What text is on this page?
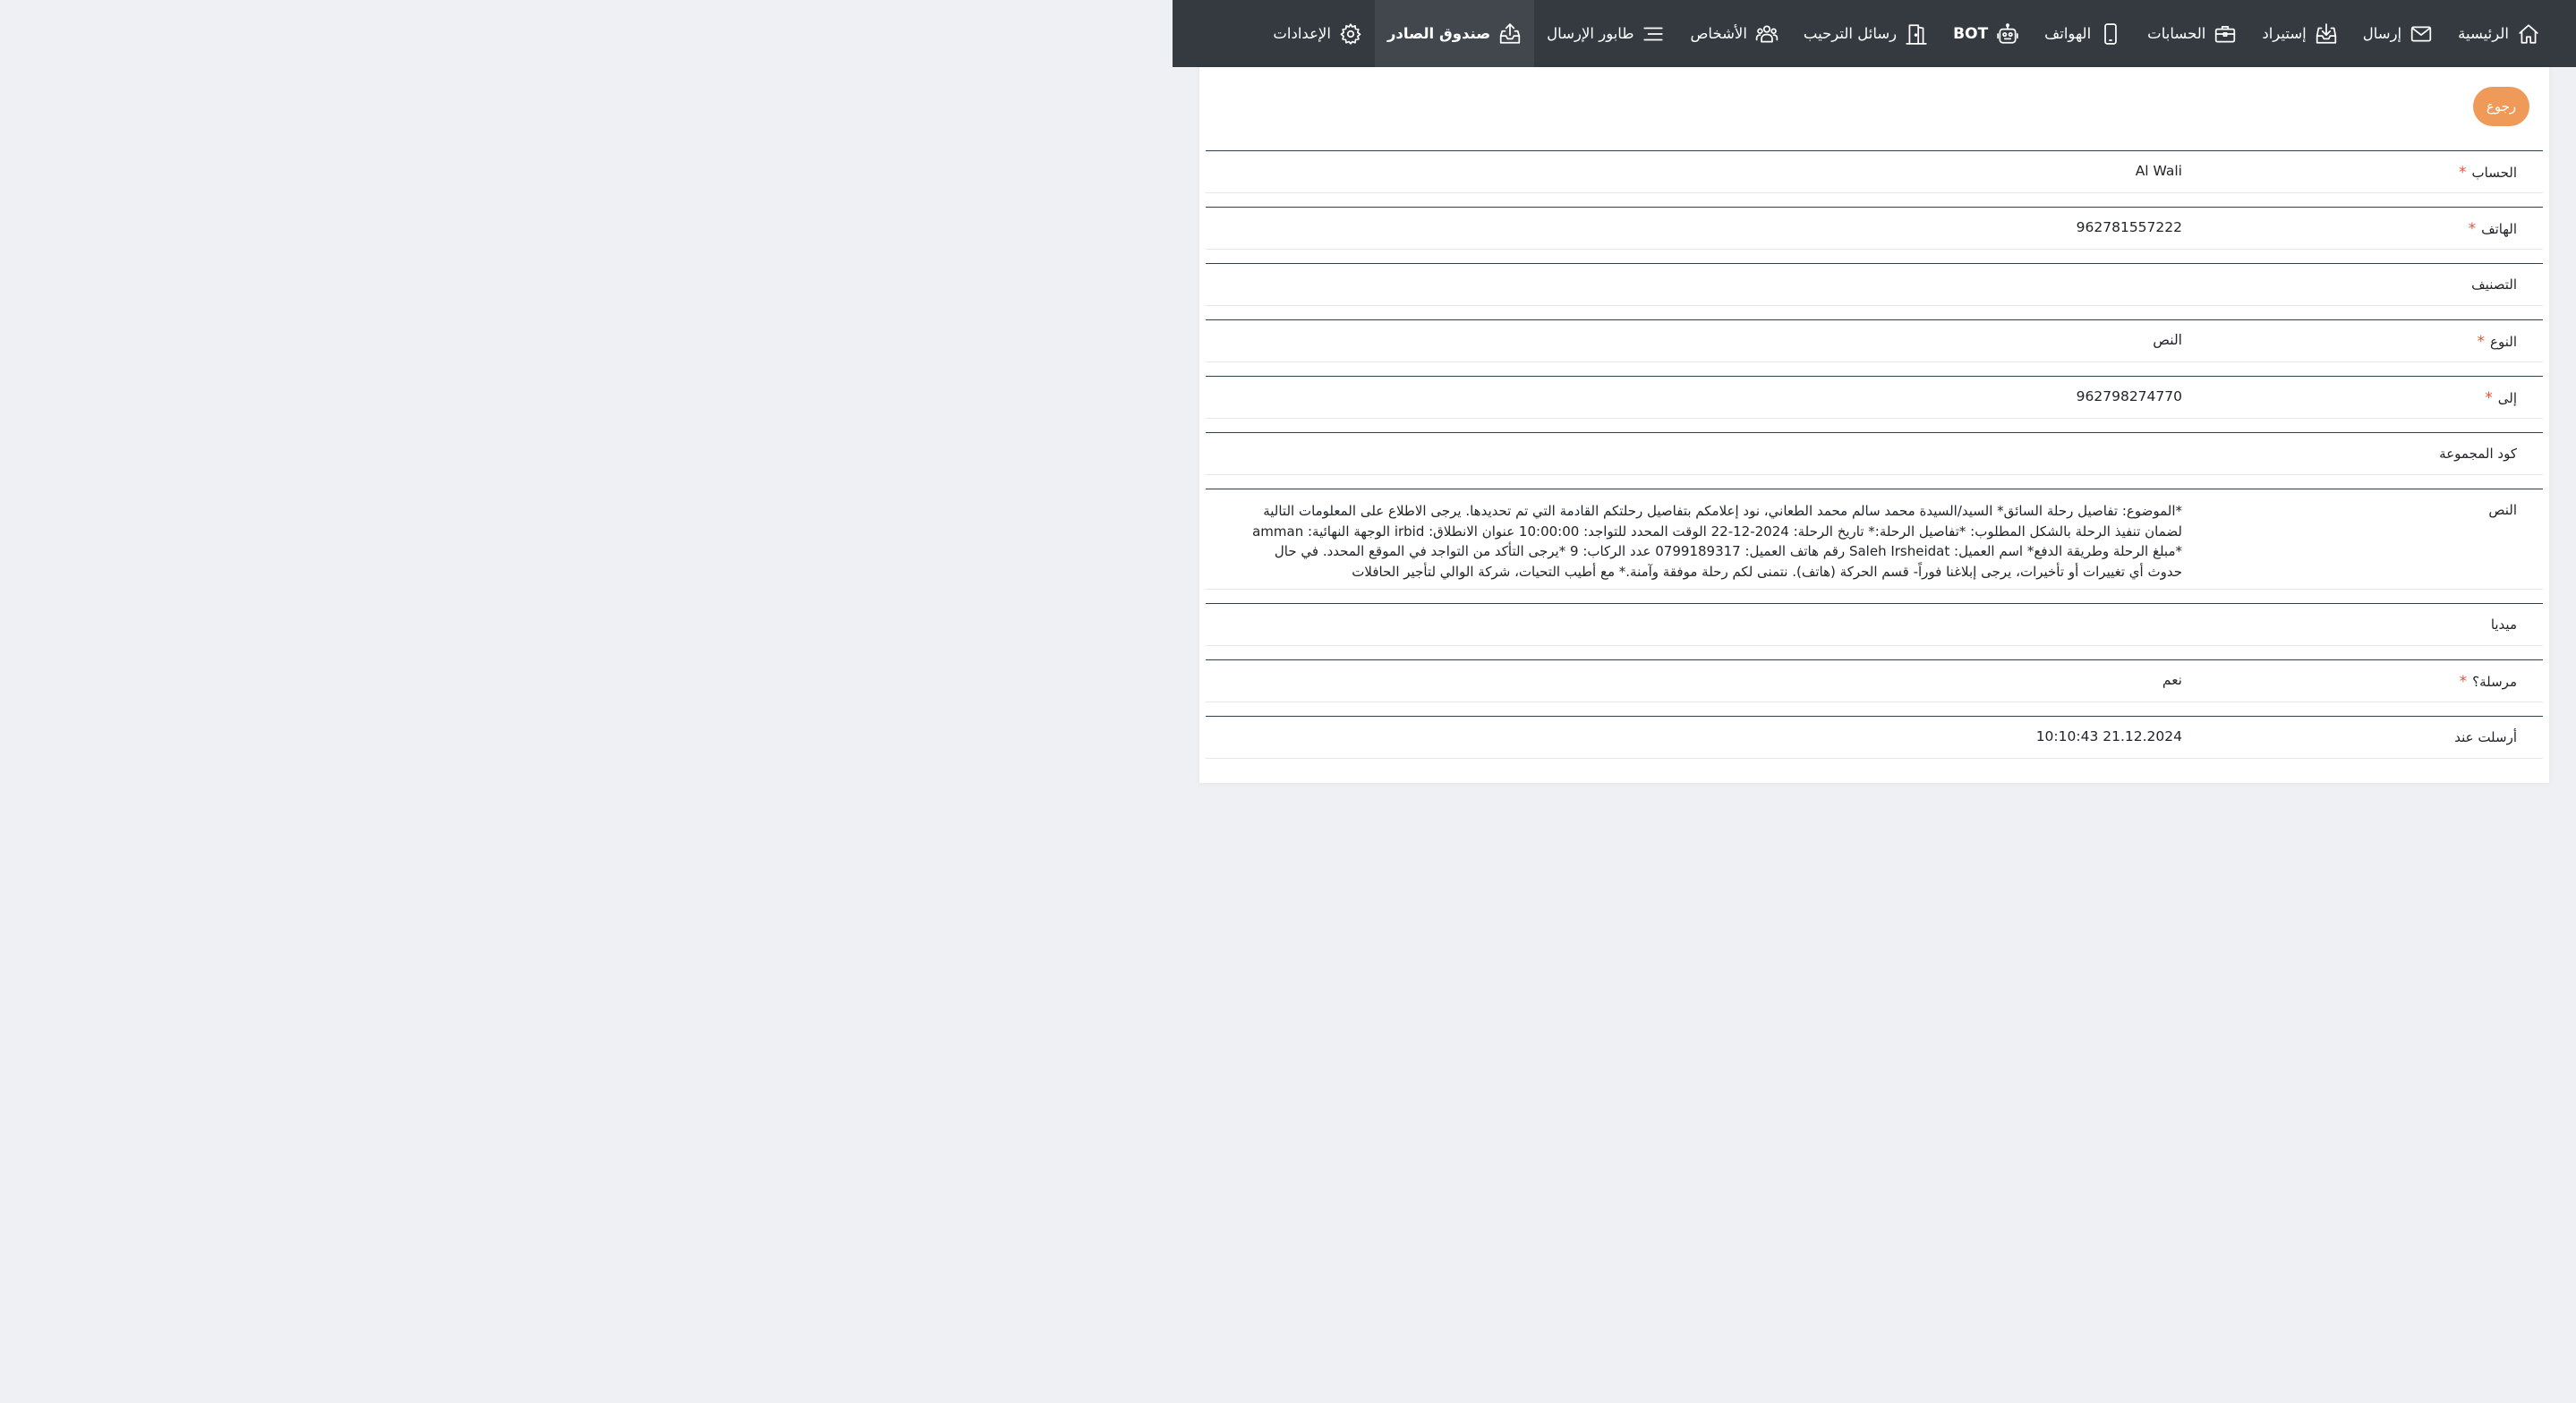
الرئيسية
إرسال
إستيراد
الحسابات
الهواتف
BOT
رسائل الترحيب
الأشخاص
طابور الإرسال
صندوق الصادر
الإعدادات
رجوع
الحساب*
Al Wali
الهاتف*
962781557222
التصنيف
النوع*
النص
إلى*
962798274770
كود المجموعة
النص
*الموضوع: تفاصيل رحلة السائق* السيد/السيدة محمد سالم محمد الطعاني، نود إعلامكم بتفاصيل رحلتكم القادمة التي تم تحديدها. يرجى الاطلاع على المعلومات التالية لضمان تنفيذ الرحلة بالشكل المطلوب: *تفاصيل الرحلة:* تاريخ الرحلة: 2024-12-22 الوقت المحدد للتواجد: 10:00:00 عنوان الانطلاق: irbid الوجهة النهائية: amman *مبلغ الرحلة وطريقة الدفع* اسم العميل: Saleh Irsheidat رقم هاتف العميل: 0799189317 عدد الركاب: 9 *يرجى التأكد من التواجد في الموقع المحدد. في حال حدوث أي تغييرات أو تأخيرات، يرجى إبلاغنا فوراً- قسم الحركة (هاتف). نتمنى لكم رحلة موفقة وآمنة.* مع أطيب التحيات، شركة الوالي لتأجير الحافلات
ميديا
مرسلة؟*
نعم
أرسلت عند
21.12.2024 10:10:43
